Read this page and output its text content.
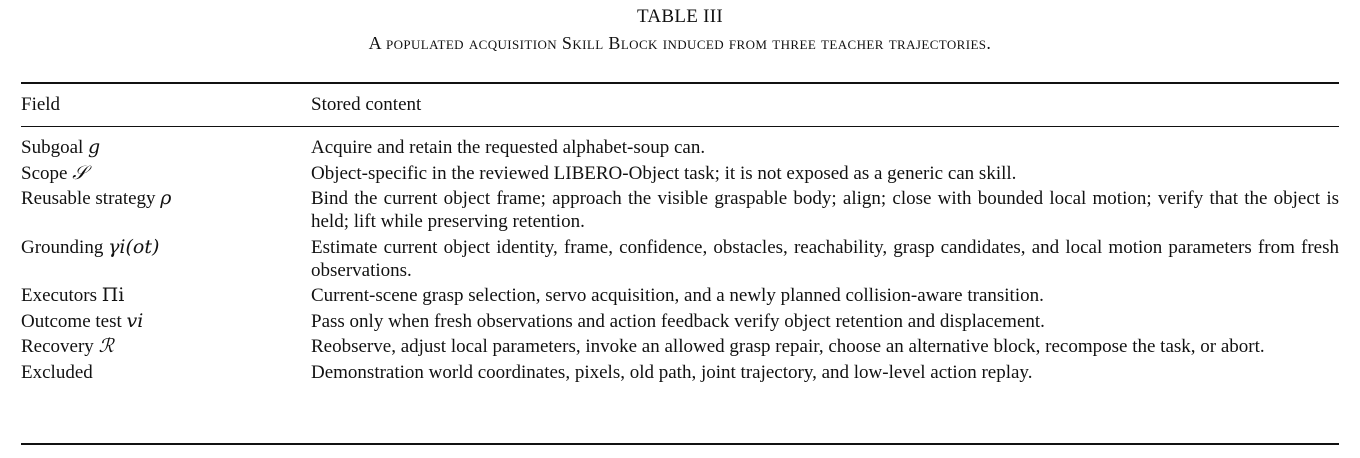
TABLE III
A populated acquisition Skill Block induced from three teacher trajectories.
Field	Stored content
Subgoal g	Acquire and retain the requested alphabet-soup can.
Scope 𝒮	Object-specific in the reviewed LIBERO-Object task; it is not exposed as a generic can skill.
Reusable strategy ρ	Bind the current object frame; approach the visible graspable body; align; close with bounded local motion; verify that the object is held; lift while preserving retention.
Grounding γi(ot)	Estimate current object identity, frame, confidence, obstacles, reachability, grasp candidates, and local motion parameters from fresh observations.
Executors Πi	Current-scene grasp selection, servo acquisition, and a newly planned collision-aware transition.
Outcome test vi	Pass only when fresh observations and action feedback verify object retention and displacement.
Recovery ℛ	Reobserve, adjust local parameters, invoke an allowed grasp repair, choose an alternative block, recompose the task, or abort.
Excluded	Demonstration world coordinates, pixels, old path, joint trajectory, and low-level action replay.
